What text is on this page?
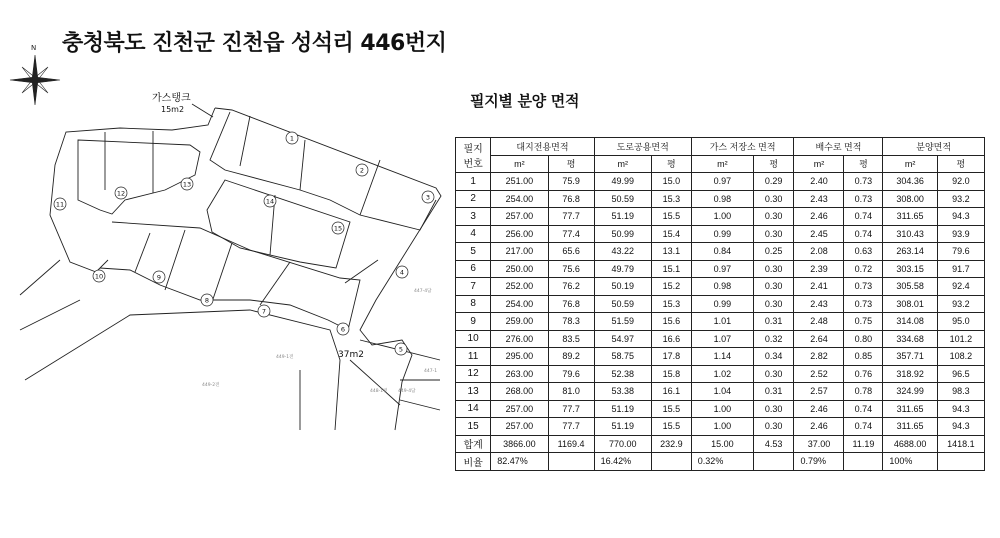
충청북도 진천군 진천읍 성석리 446번지
N
1
2
3
4
5
6
7
8
9
10
11
12
13
14
15
가스탱크
15m2
37m2
447-4답
449-1전
449-2전
447-1
448-1전 449-4답
필지별 분양 면적
필지
번호	대지전용면적		도로공용면적		가스 저장소 면적		배수로 면적		분양면적	
	m²	평	m²	평	m²	평	m²	평	m²	평
1	251.00	75.9	49.99	15.0	0.97	0.29	2.40	0.73	304.36	92.0
2	254.00	76.8	50.59	15.3	0.98	0.30	2.43	0.73	308.00	93.2
3	257.00	77.7	51.19	15.5	1.00	0.30	2.46	0.74	311.65	94.3
4	256.00	77.4	50.99	15.4	0.99	0.30	2.45	0.74	310.43	93.9
5	217.00	65.6	43.22	13.1	0.84	0.25	2.08	0.63	263.14	79.6
6	250.00	75.6	49.79	15.1	0.97	0.30	2.39	0.72	303.15	91.7
7	252.00	76.2	50.19	15.2	0.98	0.30	2.41	0.73	305.58	92.4
8	254.00	76.8	50.59	15.3	0.99	0.30	2.43	0.73	308.01	93.2
9	259.00	78.3	51.59	15.6	1.01	0.31	2.48	0.75	314.08	95.0
10	276.00	83.5	54.97	16.6	1.07	0.32	2.64	0.80	334.68	101.2
11	295.00	89.2	58.75	17.8	1.14	0.34	2.82	0.85	357.71	108.2
12	263.00	79.6	52.38	15.8	1.02	0.30	2.52	0.76	318.92	96.5
13	268.00	81.0	53.38	16.1	1.04	0.31	2.57	0.78	324.99	98.3
14	257.00	77.7	51.19	15.5	1.00	0.30	2.46	0.74	311.65	94.3
15	257.00	77.7	51.19	15.5	1.00	0.30	2.46	0.74	311.65	94.3
합계	3866.00	1169.4	770.00	232.9	15.00	4.53	37.00	11.19	4688.00	1418.1
비율	82.47%		16.42%		0.32%		0.79%		100%	
